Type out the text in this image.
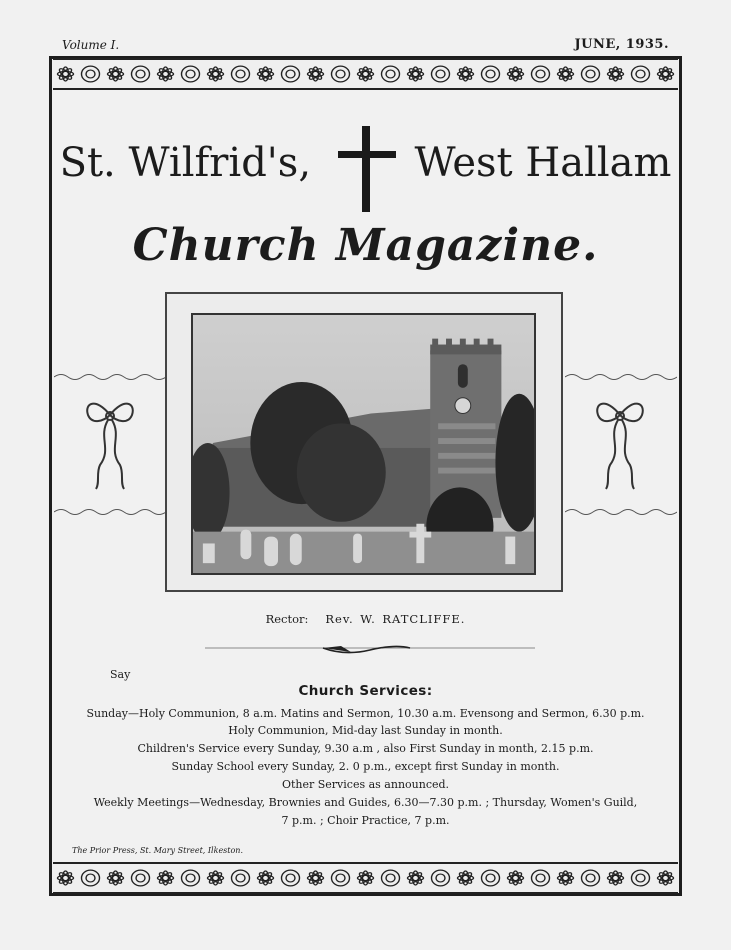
Volume I.	JUNE, 1935.
St. Wilfrid's,	West Hallam
Church Magazine.
Rector: Rev. W. RATCLIFFE.
Say
Church Services:
Sunday—Holy Communion, 8 a.m. Matins and Sermon, 10.30 a.m. Evensong and Sermon, 6.30 p.m.
Holy Communion, Mid-day last Sunday in month.
Children's Service every Sunday, 9.30 a.m , also First Sunday in month, 2.15 p.m.
Sunday School every Sunday, 2. 0 p.m., except first Sunday in month.
Other Services as announced.
Weekly Meetings—Wednesday, Brownies and Guides, 6.30—7.30 p.m. ; Thursday, Women's Guild,
7 p.m. ; Choir Practice, 7 p.m.
The Prior Press, St. Mary Street, Ilkeston.
